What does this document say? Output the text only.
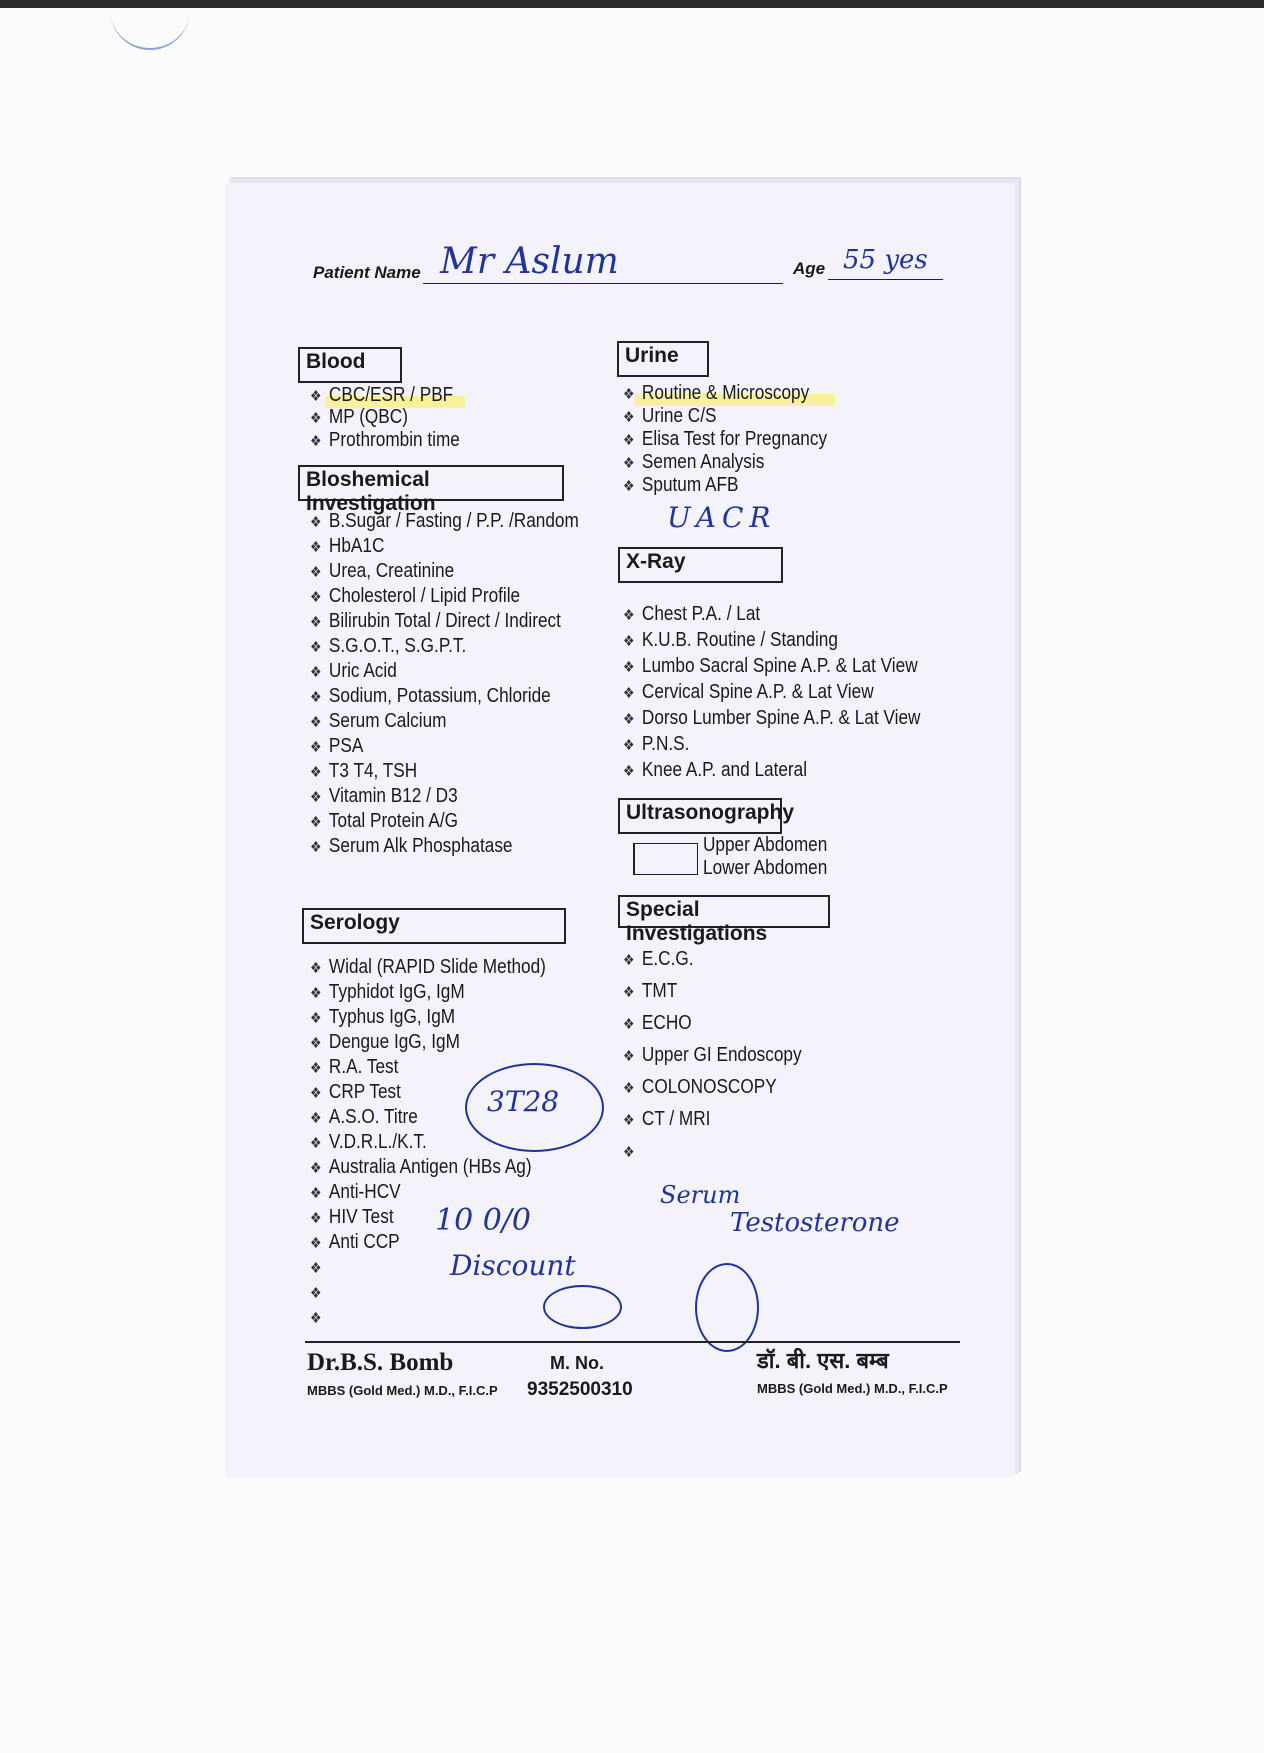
Patient Name Mr Aslum	Age 55 yes
Blood
❖ CBC/ESR / PBF
❖ MP (QBC)
❖ Prothrombin time
Bloshemical Investigation
❖ B.Sugar / Fasting / P.P. /Random
❖ HbA1C
❖ Urea, Creatinine
❖ Cholesterol / Lipid Profile
❖ Bilirubin Total / Direct / Indirect
❖ S.G.O.T., S.G.P.T.
❖ Uric Acid
❖ Sodium, Potassium, Chloride
❖ Serum Calcium
❖ PSA
❖ T3 T4, TSH
❖ Vitamin B12 / D3
❖ Total Protein A/G
❖ Serum Alk Phosphatase
Serology
❖ Widal (RAPID Slide Method)
❖ Typhidot IgG, IgM
❖ Typhus IgG, IgM
❖ Dengue IgG, IgM
❖ R.A. Test
❖ CRP Test
❖ A.S.O. Titre
❖ V.D.R.L./K.T.
❖ Australia Antigen (HBs Ag)
❖ Anti-HCV
❖ HIV Test
❖ Anti CCP
❖
❖
❖
Urine
❖ Routine & Microscopy
❖ Urine C/S
❖ Elisa Test for Pregnancy
❖ Semen Analysis
❖ Sputum AFB
UACR
X-Ray
❖ Chest P.A. / Lat
❖ K.U.B. Routine / Standing
❖ Lumbo Sacral Spine A.P. & Lat View
❖ Cervical Spine A.P. & Lat View
❖ Dorso Lumber Spine A.P. & Lat View
❖ P.N.S.
❖ Knee A.P. and Lateral
Ultrasonography
Upper Abdomen
Lower Abdomen
Special Investigations
❖ E.C.G.
❖ TMT
❖ ECHO
❖ Upper GI Endoscopy
❖ COLONOSCOPY
❖ CT / MRI
❖
3T28
10 0/0
Discount
Serum
Testosterone
Dr.B.S. Bomb
MBBS (Gold Med.) M.D., F.I.C.P
M. No.
9352500310
डॉ. बी. एस. बम्ब
MBBS (Gold Med.) M.D., F.I.C.P
